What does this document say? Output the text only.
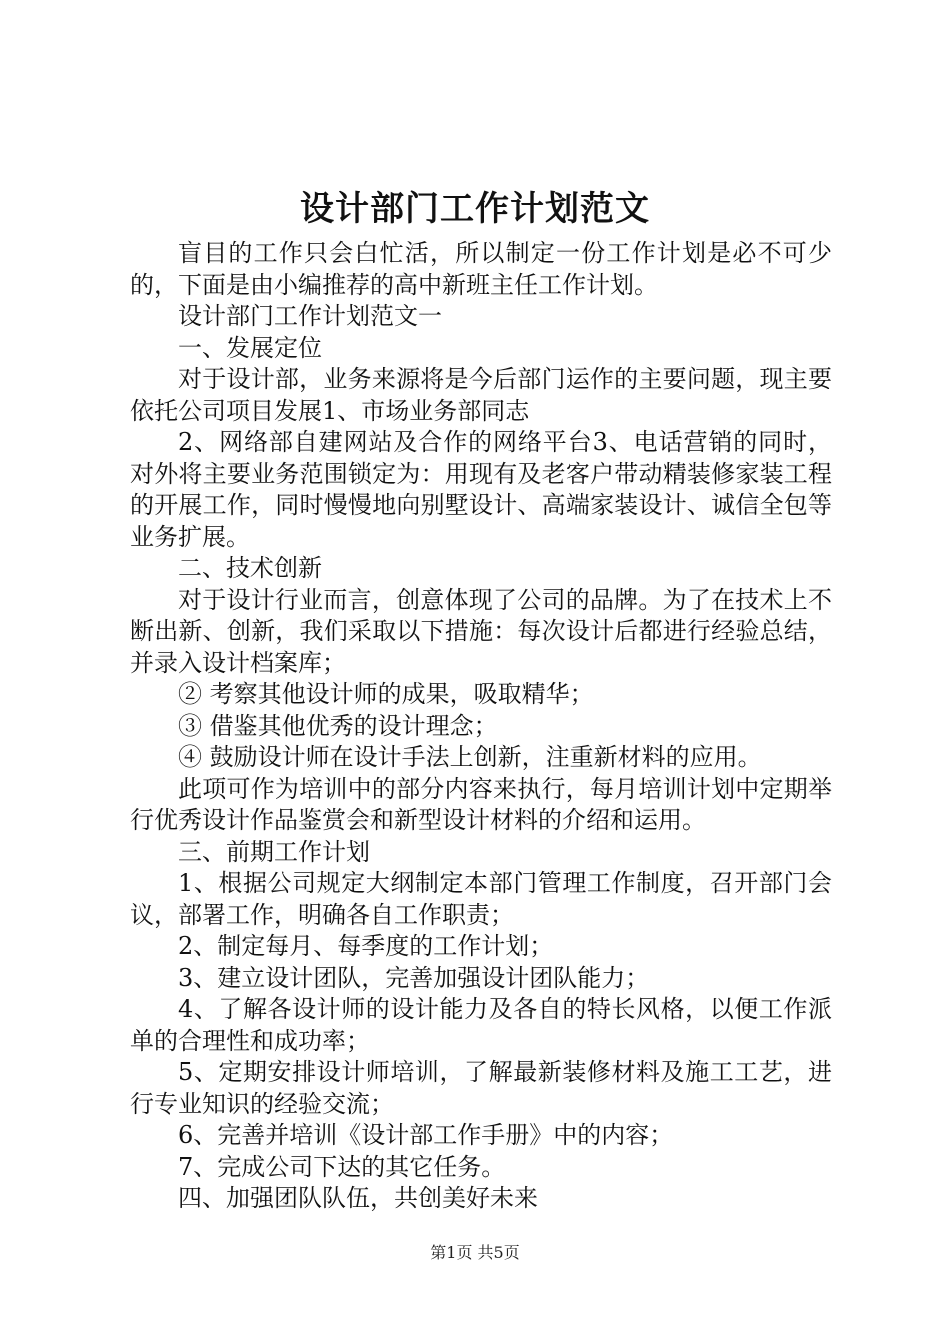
设计部门工作计划范文

盲目的工作只会白忙活，所以制定一份工作计划是必不可少的，下面是由小编推荐的高中新班主任工作计划。

设计部门工作计划范文一

一、发展定位

对于设计部，业务来源将是今后部门运作的主要问题，现主要依托公司项目发展1、市场业务部同志

2、网络部自建网站及合作的网络平台3、电话营销的同时，对外将主要业务范围锁定为：用现有及老客户带动精装修家装工程的开展工作，同时慢慢地向别墅设计、高端家装设计、诚信全包等业务扩展。

二、技术创新

对于设计行业而言，创意体现了公司的品牌。为了在技术上不断出新、创新，我们采取以下措施：每次设计后都进行经验总结，并录入设计档案库；

② 考察其他设计师的成果，吸取精华；

③ 借鉴其他优秀的设计理念；

④ 鼓励设计师在设计手法上创新，注重新材料的应用。

此项可作为培训中的部分内容来执行，每月培训计划中定期举行优秀设计作品鉴赏会和新型设计材料的介绍和运用。

三、前期工作计划

1、根据公司规定大纲制定本部门管理工作制度，召开部门会议，部署工作，明确各自工作职责；

2、制定每月、每季度的工作计划；

3、建立设计团队，完善加强设计团队能力；

4、了解各设计师的设计能力及各自的特长风格，以便工作派单的合理性和成功率；

5、定期安排设计师培训，了解最新装修材料及施工工艺，进行专业知识的经验交流；

6、完善并培训《设计部工作手册》中的内容；

7、完成公司下达的其它任务。

四、加强团队队伍，共创美好未来

第1页 共5页
